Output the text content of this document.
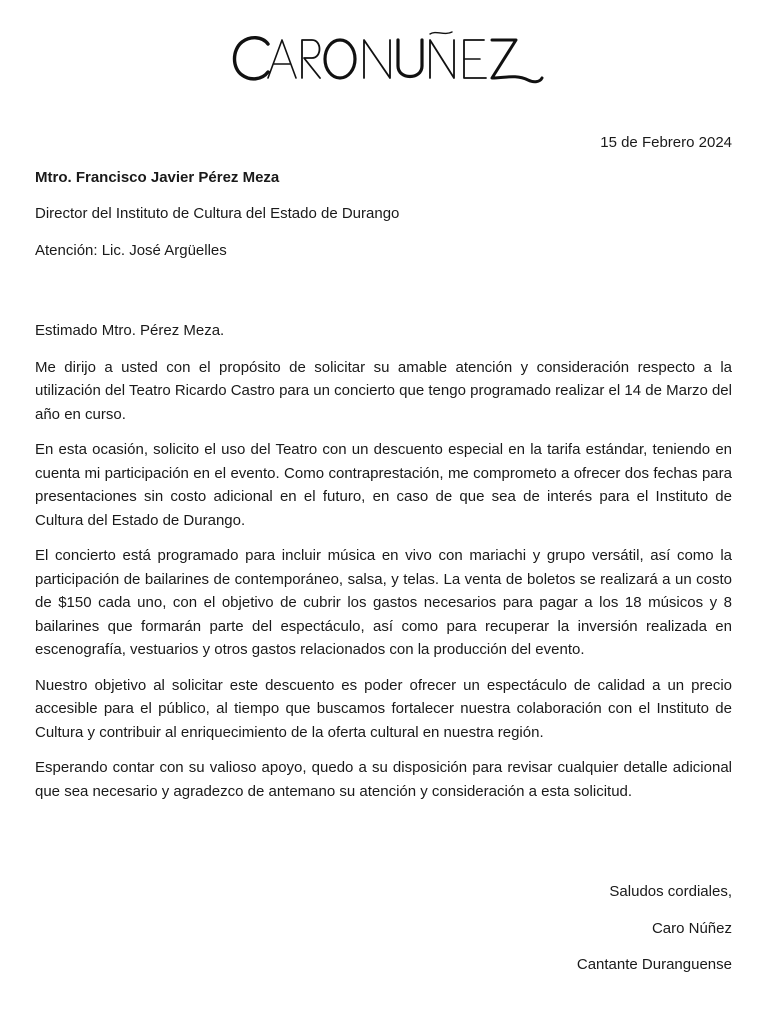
15 de Febrero 2024
Mtro. Francisco Javier Pérez Meza
Director del Instituto de Cultura del Estado de Durango
Atención: Lic. José Argüelles
Estimado Mtro. Pérez Meza.
Me dirijo a usted con el propósito de solicitar su amable atención y consideración respecto a la utilización del Teatro Ricardo Castro para un concierto que tengo programado realizar el 14 de Marzo del año en curso.
En esta ocasión, solicito el uso del Teatro con un descuento especial en la tarifa estándar, teniendo en cuenta mi participación en el evento. Como contraprestación, me comprometo a ofrecer dos fechas para presentaciones sin costo adicional en el futuro, en caso de que sea de interés para el Instituto de Cultura del Estado de Durango.
El concierto está programado para incluir música en vivo con mariachi y grupo versátil, así como la participación de bailarines de contemporáneo, salsa, y telas. La venta de boletos se realizará a un costo de $150 cada uno, con el objetivo de cubrir los gastos necesarios para pagar a los 18 músicos y 8 bailarines que formarán parte del espectáculo, así como para recuperar la inversión realizada en escenografía, vestuarios y otros gastos relacionados con la producción del evento.
Nuestro objetivo al solicitar este descuento es poder ofrecer un espectáculo de calidad a un precio accesible para el público, al tiempo que buscamos fortalecer nuestra colaboración con el Instituto de Cultura y contribuir al enriquecimiento de la oferta cultural en nuestra región.
Esperando contar con su valioso apoyo, quedo a su disposición para revisar cualquier detalle adicional que sea necesario y agradezco de antemano su atención y consideración a esta solicitud.
Saludos cordiales,
Caro Núñez
Cantante Duranguense
